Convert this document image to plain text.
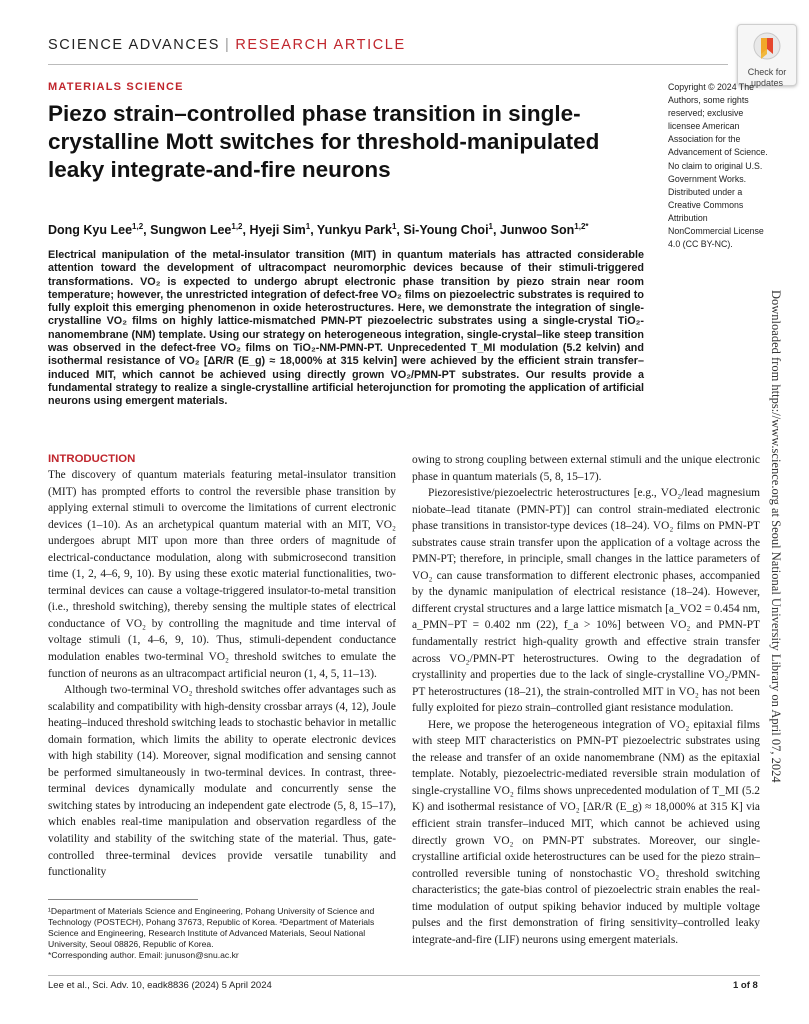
SCIENCE ADVANCES | RESEARCH ARTICLE
Check for
updates
MATERIALS SCIENCE
Piezo strain–controlled phase transition in single-crystalline Mott switches for threshold-manipulated leaky integrate-and-fire neurons
Dong Kyu Lee$^{1,2}$, Sungwon Lee$^{1,2}$, Hyeji Sim$^1$, Yunkyu Park$^1$, Si-Young Choi$^1$, Junwoo Son$^{1,2*}$
Electrical manipulation of the metal-insulator transition (MIT) in quantum materials has attracted considerable attention toward the development of ultracompact neuromorphic devices because of their stimuli-triggered transformations. VO₂ is expected to undergo abrupt electronic phase transition by piezo strain near room temperature; however, the unrestricted integration of defect-free VO₂ films on piezoelectric substrates is required to fully exploit this emerging phenomenon in oxide heterostructures. Here, we demonstrate the integration of single-crystalline VO₂ films on highly lattice-mismatched PMN-PT piezoelectric substrates using a single-crystal TiO₂-nanomembrane (NM) template. Using our strategy on heterogeneous integration, single-crystal–like steep transition was observed in the defect-free VO₂ films on TiO₂-NM-PMN-PT. Unprecedented T_MI modulation (5.2 kelvin) and isothermal resistance of VO₂ [ΔR/R (E_g) ≈ 18,000% at 315 kelvin] were achieved by the efficient strain transfer–induced MIT, which cannot be achieved using directly grown VO₂/PMN-PT substrates. Our results provide a fundamental strategy to realize a single-crystalline artificial heterojunction for promoting the application of artificial neurons using emergent materials.
Copyright © 2024 The Authors, some rights reserved; exclusive licensee American Association for the Advancement of Science. No claim to original U.S. Government Works. Distributed under a Creative Commons Attribution NonCommercial License 4.0 (CC BY-NC).
Downloaded from https://www.science.org at Seoul National University Library on April 07, 2024
INTRODUCTION

The discovery of quantum materials featuring metal-insulator transition (MIT) has prompted efforts to control the reversible phase transition by applying external stimuli to overcome the limitations of current electronic devices (1–10). As an archetypical quantum material with an MIT, VO₂ undergoes abrupt MIT upon more than three orders of magnitude of electrical-conductance modulation, along with submicrosecond transition time (1, 2, 4–6, 9, 10). By using these exotic material functionalities, two-terminal devices can cause a voltage-triggered insulator-to-metal transition (i.e., threshold switching), thereby sensing the multiple states of electrical conductance of VO₂ by controlling the magnitude and time interval of voltage stimuli (1, 4–6, 9, 10). Thus, stimuli-dependent conductance modulation enables two-terminal VO₂ threshold switches to emulate the function of neurons as an ultracompact artificial neuron (1, 4, 5, 11–13).

Although two-terminal VO₂ threshold switches offer advantages such as scalability and compatibility with high-density crossbar arrays (4, 12), Joule heating–induced threshold switching leads to stochastic behavior in metallic domain formation, which limits the ability to operate electronic devices with high stability (14). Moreover, signal modification and sensing cannot be performed simultaneously in two-terminal devices. In contrast, three-terminal devices dynamically modulate and concurrently sense the switching states by introducing an independent gate electrode (5, 8, 15–17), which enables real-time manipulation and observation regardless of the volatility and stability of the switching state of the material. Thus, gate-controlled three-terminal devices provide versatile tunability and functionality

owing to strong coupling between external stimuli and the unique electronic phase in quantum materials (5, 8, 15–17).

Piezoresistive/piezoelectric heterostructures [e.g., VO₂/lead magnesium niobate–lead titanate (PMN-PT)] can control strain-mediated electronic phase transitions in transistor-type devices (18–24). VO₂ films on PMN-PT substrates cause strain transfer upon the application of a voltage across the PMN-PT; therefore, in principle, small changes in the lattice parameters of VO₂ can cause transformation to different electronic phases, accompanied by the dynamic manipulation of electrical resistance (18–24). However, different crystal structures and a large lattice mismatch [a_VO2 = 0.454 nm, a_PMN−PT = 0.402 nm (22), f_a > 10%] between VO₂ and PMN-PT fundamentally restrict high-quality growth and effective strain transfer across VO₂/PMN-PT heterostructures. Owing to the degradation of crystallinity and properties due to the lack of single-crystalline VO₂/PMN-PT heterostructures (18–21), the strain-controlled MIT in VO₂ has not been fully exploited for piezo strain–controlled giant resistance modulation.

Here, we propose the heterogeneous integration of VO₂ epitaxial films with steep MIT characteristics on PMN-PT piezoelectric substrates using the release and transfer of an oxide nanomembrane (NM) as the epitaxial template. Notably, piezoelectric-mediated reversible strain modulation of single-crystalline VO₂ films shows unprecedented modulation of T_MI (5.2 K) and isothermal resistance of VO₂ [ΔR/R (E_g) ≈ 18,000% at 315 K] via efficient strain transfer–induced MIT, which cannot be achieved using directly grown VO₂ on PMN-PT substrates. Moreover, our single-crystalline artificial oxide heterostructures can be used for the piezo strain–controlled reversible tuning of nonstochastic VO₂ threshold switching characteristics; the gate-bias control of piezoelectric strain enables the real-time modulation of output spiking behavior induced by multiple voltage pulses and the first demonstration of firing sensitivity–controlled leaky integrate-and-fire (LIF) neurons using emergent materials.

¹Department of Materials Science and Engineering, Pohang University of Science and Technology (POSTECH), Pohang 37673, Republic of Korea. ²Department of Materials Science and Engineering, Research Institute of Advanced Materials, Seoul National University, Seoul 08826, Republic of Korea.
*Corresponding author. Email: junuson@snu.ac.kr
Lee et al., Sci. Adv. 10, eadk8836 (2024) 5 April 2024	1 of 8
